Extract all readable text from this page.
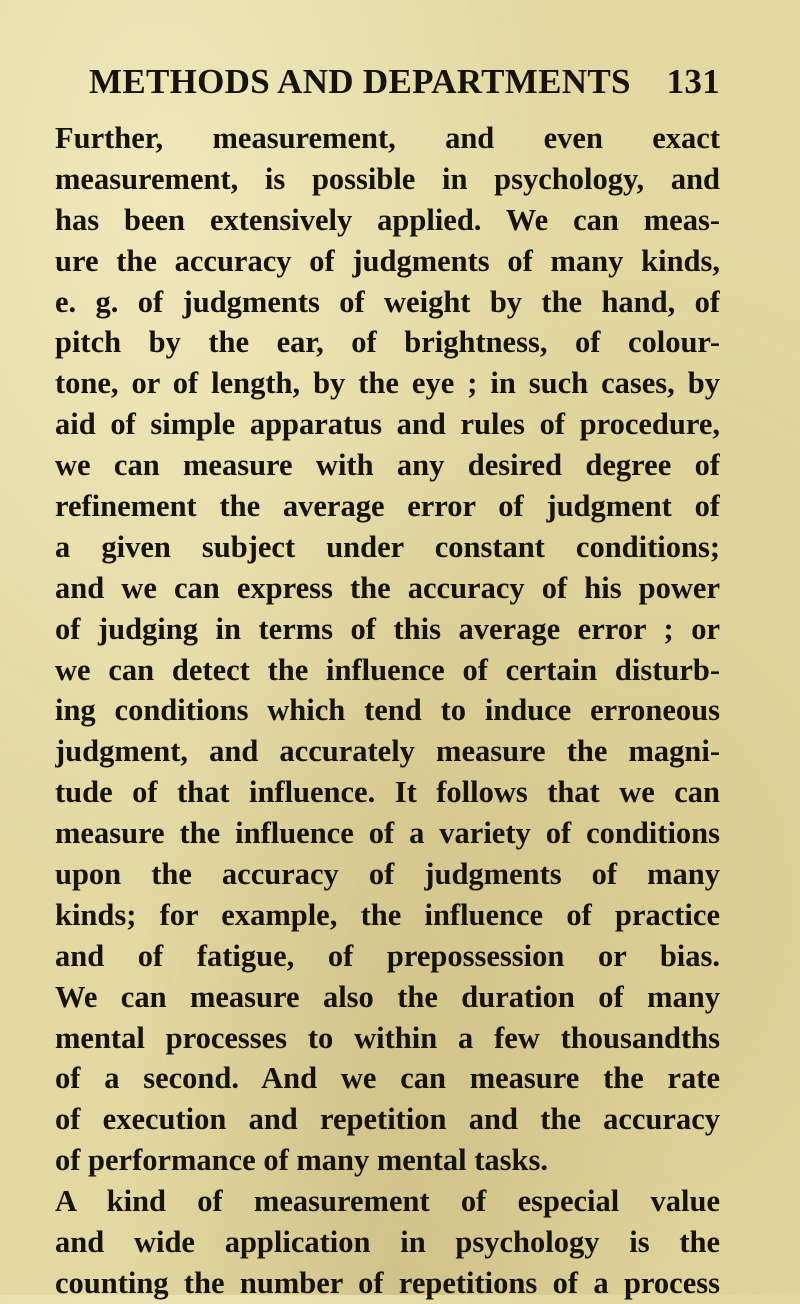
METHODS AND DEPARTMENTS 131
Further, measurement, and even exact
measurement, is possible in psychology, and
has been extensively applied. We can meas-
ure the accuracy of judgments of many kinds,
e. g. of judgments of weight by the hand, of
pitch by the ear, of brightness, of colour-
tone, or of length, by the eye ; in such cases, by
aid of simple apparatus and rules of procedure,
we can measure with any desired degree of
refinement the average error of judgment of
a given subject under constant conditions;
and we can express the accuracy of his power
of judging in terms of this average error ; or
we can detect the influence of certain disturb-
ing conditions which tend to induce erroneous
judgment, and accurately measure the magni-
tude of that influence. It follows that we can
measure the influence of a variety of conditions
upon the accuracy of judgments of many
kinds; for example, the influence of practice
and of fatigue, of prepossession or bias.
We can measure also the duration of many
mental processes to within a few thousandths
of a second. And we can measure the rate
of execution and repetition and the accuracy
of performance of many mental tasks.
A kind of measurement of especial value
and wide application in psychology is the
counting the number of repetitions of a process
